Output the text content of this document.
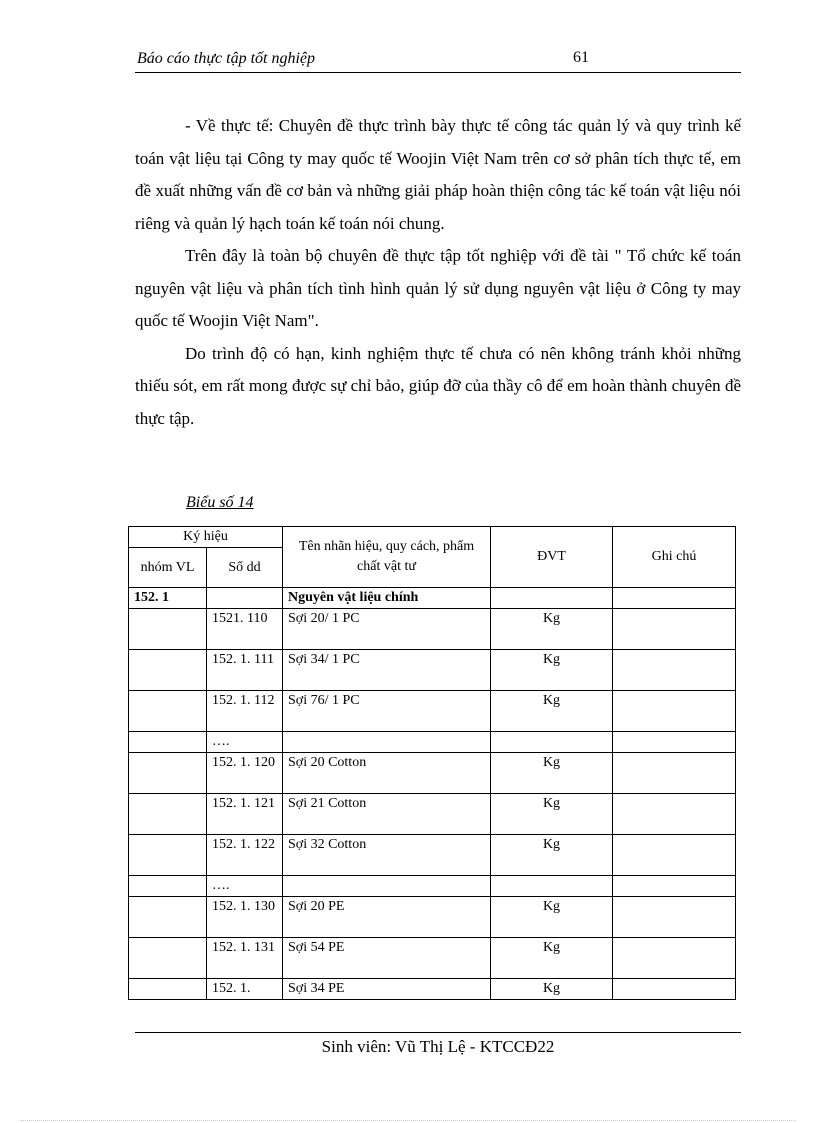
Báo cáo thực tập tốt nghiệp	61

- Về thực tế: Chuyên đề thực trình bày thực tế công tác quản lý và quy trình kế toán vật liệu tại Công ty may quốc tế Woojin Việt Nam trên cơ sở phân tích thực tế, em đề xuất những vấn đề cơ bản và những giải pháp hoàn thiện công tác kế toán vật liệu nói riêng và quản lý hạch toán kế toán nói chung.

Trên đây là toàn bộ chuyên đề thực tập tốt nghiệp với đề tài " Tổ chức kế toán nguyên vật liệu và phân tích tình hình quản lý sử dụng nguyên vật liệu ở Công ty may quốc tế Woojin Việt Nam".

Do trình độ có hạn, kinh nghiệm thực tế chưa có nên không tránh khỏi những thiếu sót, em rất mong được sự chỉ bảo, giúp đỡ của thầy cô để em hoàn thành chuyên đề thực tập.

Biểu số 14
Ký hiệu		Tên nhãn hiệu, quy cách, phẩm chất vật tư	ĐVT	Ghi chú
nhóm VL	Sổ dd			
152. 1		Nguyên vật liệu chính		
	1521. 110	Sợi 20/ 1 PC	Kg	
	152. 1. 111	Sợi 34/ 1 PC	Kg	
	152. 1. 112	Sợi 76/ 1 PC	Kg	
	….			
	152. 1. 120	Sợi 20 Cotton	Kg	
	152. 1. 121	Sợi 21 Cotton	Kg	
	152. 1. 122	Sợi 32 Cotton	Kg	
	….			
	152. 1. 130	Sợi 20 PE	Kg	
	152. 1. 131	Sợi 54 PE	Kg	
	152. 1.	Sợi 34 PE	Kg	
Sinh viên: Vũ Thị Lệ - KTCCĐ22
